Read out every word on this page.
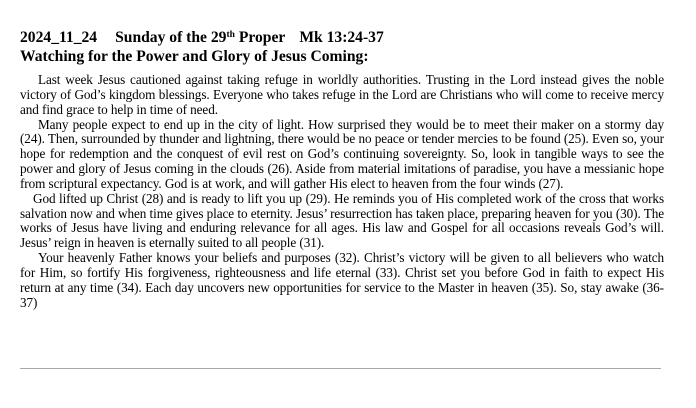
2024_11_24 Sunday of the 29th Proper Mk 13:24-37
Watching for the Power and Glory of Jesus Coming:

Last week Jesus cautioned against taking refuge in worldly authorities. Trusting in the Lord instead gives the noble victory of God’s kingdom blessings. Everyone who takes refuge in the Lord are Christians who will come to receive mercy and find grace to help in time of need.

Many people expect to end up in the city of light. How surprised they would be to meet their maker on a stormy day (24). Then, surrounded by thunder and lightning, there would be no peace or tender mercies to be found (25). Even so, your hope for redemption and the conquest of evil rest on God’s continuing sovereignty. So, look in tangible ways to see the power and glory of Jesus coming in the clouds (26). Aside from material imitations of paradise, you have a messianic hope from scriptural expectancy. God is at work, and will gather His elect to heaven from the four winds (27).

God lifted up Christ (28) and is ready to lift you up (29). He reminds you of His completed work of the cross that works salvation now and when time gives place to eternity. Jesus’ resurrection has taken place, preparing heaven for you (30). The works of Jesus have living and enduring relevance for all ages. His law and Gospel for all occasions reveals God’s will. Jesus’ reign in heaven is eternally suited to all people (31).

Your heavenly Father knows your beliefs and purposes (32). Christ’s victory will be given to all believers who watch for Him, so fortify His forgiveness, righteousness and life eternal (33). Christ set you before God in faith to expect His return at any time (34). Each day uncovers new opportunities for service to the Master in heaven (35). So, stay awake (36-37)
